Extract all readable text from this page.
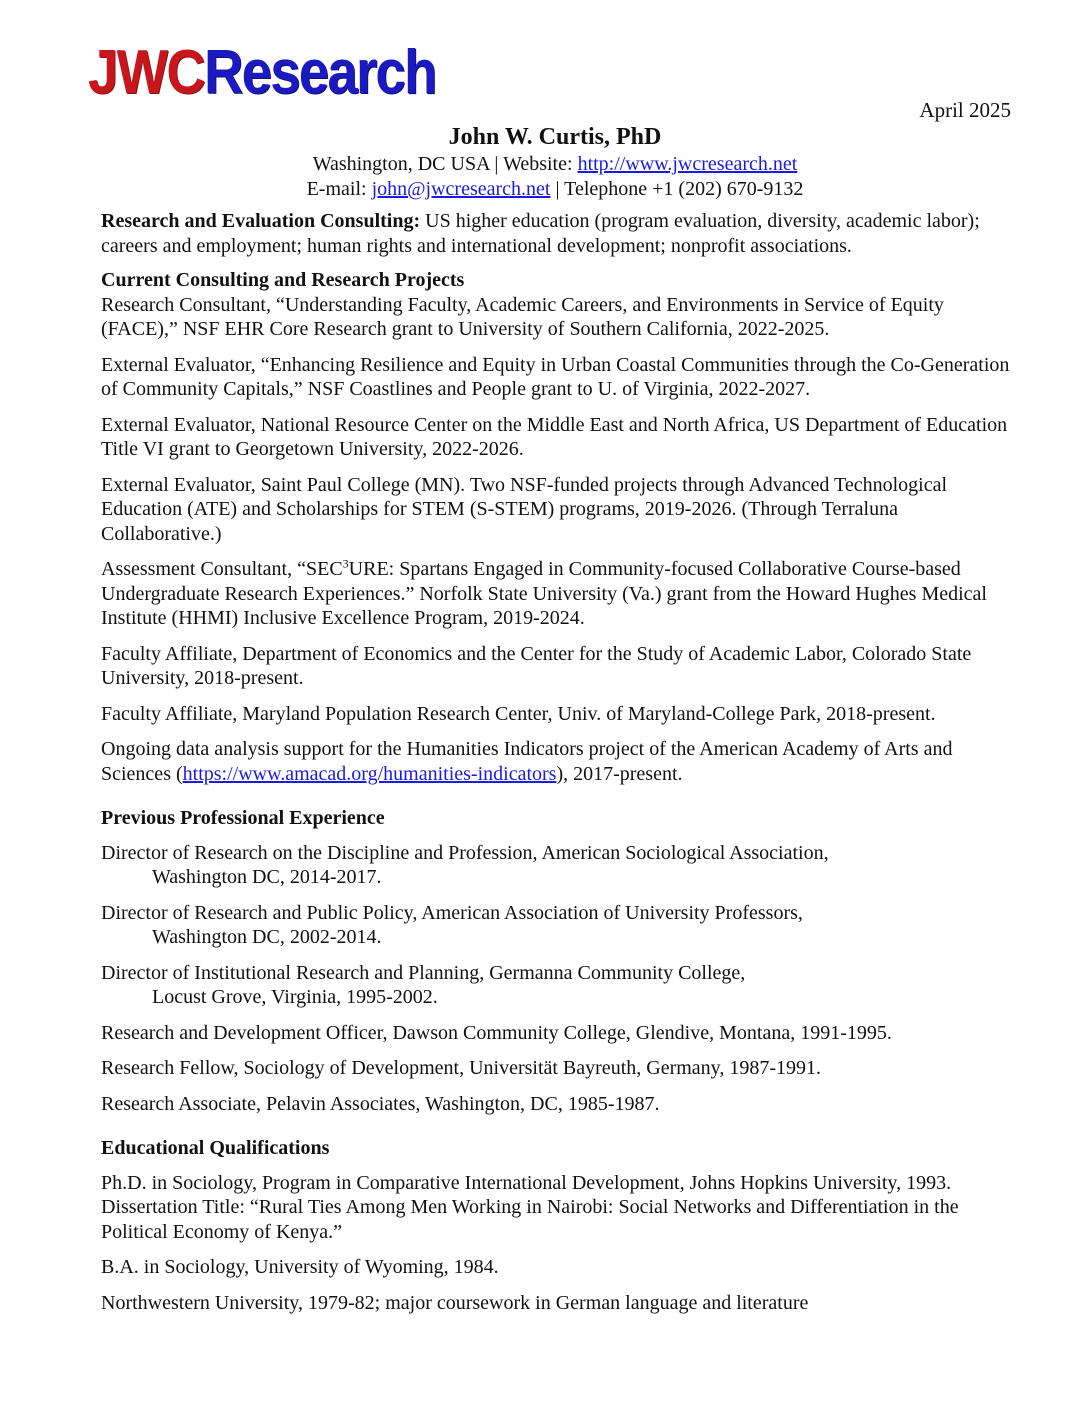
JWCResearch
April 2025
John W. Curtis, PhD
Washington, DC USA | Website: http://www.jwcresearch.net
E-mail: john@jwcresearch.net | Telephone +1 (202) 670-9132

Research and Evaluation Consulting: US higher education (program evaluation, diversity, academic labor); careers and employment; human rights and international development; nonprofit associations.

Current Consulting and Research Projects

Research Consultant, “Understanding Faculty, Academic Careers, and Environments in Service of Equity (FACE),” NSF EHR Core Research grant to University of Southern California, 2022-2025.

External Evaluator, “Enhancing Resilience and Equity in Urban Coastal Communities through the Co-Generation of Community Capitals,” NSF Coastlines and People grant to U. of Virginia, 2022-2027.

External Evaluator, National Resource Center on the Middle East and North Africa, US Department of Education Title VI grant to Georgetown University, 2022-2026.

External Evaluator, Saint Paul College (MN). Two NSF-funded projects through Advanced Technological Education (ATE) and Scholarships for STEM (S-STEM) programs, 2019-2026. (Through Terraluna Collaborative.)

Assessment Consultant, “SEC$^3$URE: Spartans Engaged in Community-focused Collaborative Course-based Undergraduate Research Experiences.” Norfolk State University (Va.) grant from the Howard Hughes Medical Institute (HHMI) Inclusive Excellence Program, 2019-2024.

Faculty Affiliate, Department of Economics and the Center for the Study of Academic Labor, Colorado State University, 2018-present.

Faculty Affiliate, Maryland Population Research Center, Univ. of Maryland-College Park, 2018-present.

Ongoing data analysis support for the Humanities Indicators project of the American Academy of Arts and Sciences (https://www.amacad.org/humanities-indicators), 2017-present.

Previous Professional Experience

Director of Research on the Discipline and Profession, American Sociological Association,
Washington DC, 2014-2017.

Director of Research and Public Policy, American Association of University Professors,
Washington DC, 2002-2014.

Director of Institutional Research and Planning, Germanna Community College,
Locust Grove, Virginia, 1995-2002.

Research and Development Officer, Dawson Community College, Glendive, Montana, 1991-1995.

Research Fellow, Sociology of Development, Universität Bayreuth, Germany, 1987-1991.

Research Associate, Pelavin Associates, Washington, DC, 1985-1987.

Educational Qualifications

Ph.D. in Sociology, Program in Comparative International Development, Johns Hopkins University, 1993. Dissertation Title: “Rural Ties Among Men Working in Nairobi: Social Networks and Differentiation in the Political Economy of Kenya.”

B.A. in Sociology, University of Wyoming, 1984.

Northwestern University, 1979-82; major coursework in German language and literature
